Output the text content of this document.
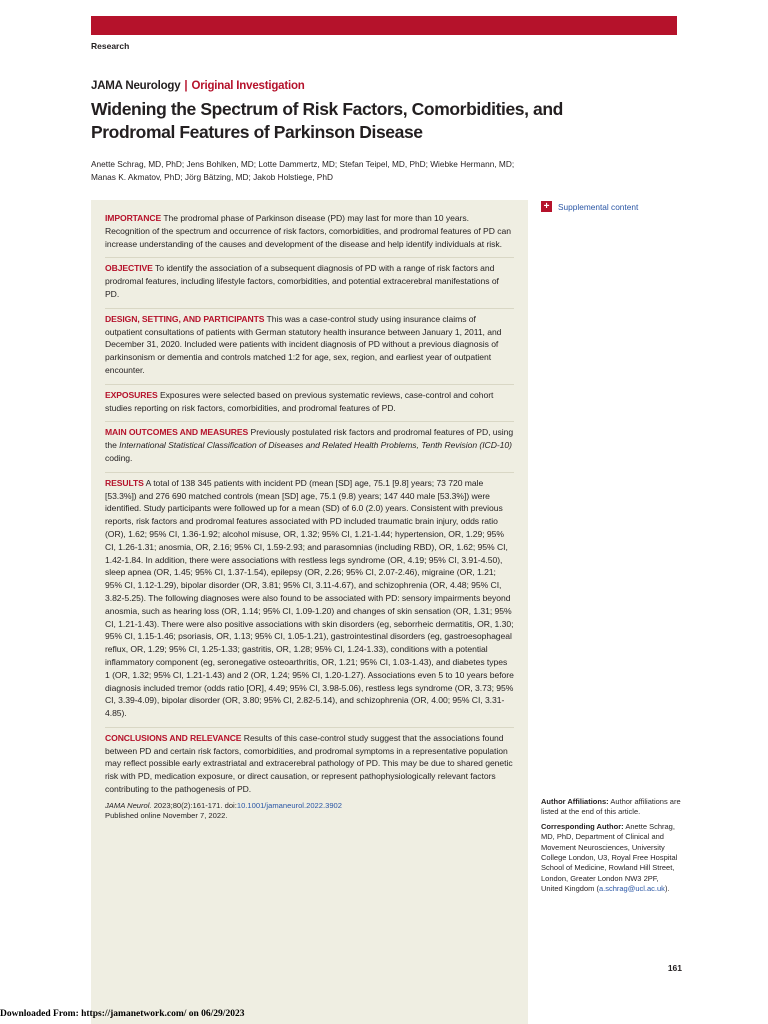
Research
JAMA Neurology | Original Investigation
Widening the Spectrum of Risk Factors, Comorbidities, and Prodromal Features of Parkinson Disease
Anette Schrag, MD, PhD; Jens Bohlken, MD; Lotte Dammertz, MD; Stefan Teipel, MD, PhD; Wiebke Hermann, MD; Manas K. Akmatov, PhD; Jörg Bätzing, MD; Jakob Holstiege, PhD

IMPORTANCE The prodromal phase of Parkinson disease (PD) may last for more than 10 years. Recognition of the spectrum and occurrence of risk factors, comorbidities, and prodromal features of PD can increase understanding of the causes and development of the disease and help identify individuals at risk.

OBJECTIVE To identify the association of a subsequent diagnosis of PD with a range of risk factors and prodromal features, including lifestyle factors, comorbidities, and potential extracerebral manifestations of PD.

DESIGN, SETTING, AND PARTICIPANTS This was a case-control study using insurance claims of outpatient consultations of patients with German statutory health insurance between January 1, 2011, and December 31, 2020. Included were patients with incident diagnosis of PD without a previous diagnosis of parkinsonism or dementia and controls matched 1:2 for age, sex, region, and earliest year of outpatient encounter.

EXPOSURES Exposures were selected based on previous systematic reviews, case-control and cohort studies reporting on risk factors, comorbidities, and prodromal features of PD.

MAIN OUTCOMES AND MEASURES Previously postulated risk factors and prodromal features of PD, using the International Statistical Classification of Diseases and Related Health Problems, Tenth Revision (ICD-10) coding.

RESULTS A total of 138 345 patients with incident PD (mean [SD] age, 75.1 [9.8] years; 73 720 male [53.3%]) and 276 690 matched controls (mean [SD] age, 75.1 (9.8) years; 147 440 male [53.3%]) were identified. Study participants were followed up for a mean (SD) of 6.0 (2.0) years. Consistent with previous reports, risk factors and prodromal features associated with PD included traumatic brain injury, odds ratio (OR), 1.62; 95% CI, 1.36-1.92; alcohol misuse, OR, 1.32; 95% CI, 1.21-1.44; hypertension, OR, 1.29; 95% CI, 1.26-1.31; anosmia, OR, 2.16; 95% CI, 1.59-2.93; and parasomnias (including RBD), OR, 1.62; 95% CI, 1.42-1.84. In addition, there were associations with restless legs syndrome (OR, 4.19; 95% CI, 3.91-4.50), sleep apnea (OR, 1.45; 95% CI, 1.37-1.54), epilepsy (OR, 2.26; 95% CI, 2.07-2.46), migraine (OR, 1.21; 95% CI, 1.12-1.29), bipolar disorder (OR, 3.81; 95% CI, 3.11-4.67), and schizophrenia (OR, 4.48; 95% CI, 3.82-5.25). The following diagnoses were also found to be associated with PD: sensory impairments beyond anosmia, such as hearing loss (OR, 1.14; 95% CI, 1.09-1.20) and changes of skin sensation (OR, 1.31; 95% CI, 1.21-1.43). There were also positive associations with skin disorders (eg, seborrheic dermatitis, OR, 1.30; 95% CI, 1.15-1.46; psoriasis, OR, 1.13; 95% CI, 1.05-1.21), gastrointestinal disorders (eg, gastroesophageal reflux, OR, 1.29; 95% CI, 1.25-1.33; gastritis, OR, 1.28; 95% CI, 1.24-1.33), conditions with a potential inflammatory component (eg, seronegative osteoarthritis, OR, 1.21; 95% CI, 1.03-1.43), and diabetes types 1 (OR, 1.32; 95% CI, 1.21-1.43) and 2 (OR, 1.24; 95% CI, 1.20-1.27). Associations even 5 to 10 years before diagnosis included tremor (odds ratio [OR], 4.49; 95% CI, 3.98-5.06), restless legs syndrome (OR, 3.73; 95% CI, 3.39-4.09), bipolar disorder (OR, 3.80; 95% CI, 2.82-5.14), and schizophrenia (OR, 4.00; 95% CI, 3.31-4.85).

CONCLUSIONS AND RELEVANCE Results of this case-control study suggest that the associations found between PD and certain risk factors, comorbidities, and prodromal symptoms in a representative population may reflect possible early extrastriatal and extracerebral pathology of PD. This may be due to shared genetic risk with PD, medication exposure, or direct causation, or represent pathophysiologically relevant factors contributing to the pathogenesis of PD.

JAMA Neurol. 2023;80(2):161-171. doi:10.1001/jamaneurol.2022.3902
Published online November 7, 2022.
+	Supplemental content

Author Affiliations: Author affiliations are listed at the end of this article.

Corresponding Author: Anette Schrag, MD, PhD, Department of Clinical and Movement Neurosciences, University College London, U3, Royal Free Hospital School of Medicine, Rowland Hill Street, London, Greater London NW3 2PF, United Kingdom (a.schrag@ucl.ac.uk).

161
Downloaded From: https://jamanetwork.com/ on 06/29/2023
